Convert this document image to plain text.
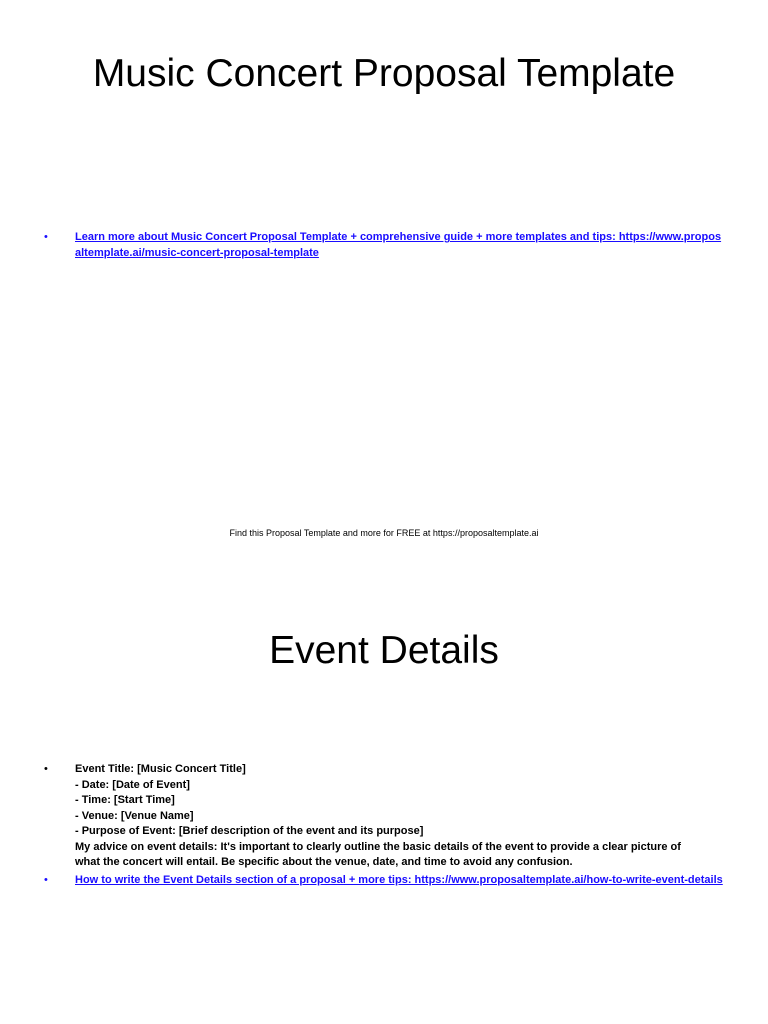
Music Concert Proposal Template
•	Learn more about Music Concert Proposal Template + comprehensive guide + more templates and tips: https://www.proposaltemplate.ai/music-concert-proposal-template
Find this Proposal Template and more for FREE at https://proposaltemplate.ai
Event Details
•	Event Title: [Music Concert Title]
- Date: [Date of Event]
- Time: [Start Time]
- Venue: [Venue Name]
- Purpose of Event: [Brief description of the event and its purpose]
My advice on event details: It's important to clearly outline the basic details of the event to provide a clear picture of
what the concert will entail. Be specific about the venue, date, and time to avoid any confusion.
•	How to write the Event Details section of a proposal + more tips: https://www.proposaltemplate.ai/how-to-write-event-details
